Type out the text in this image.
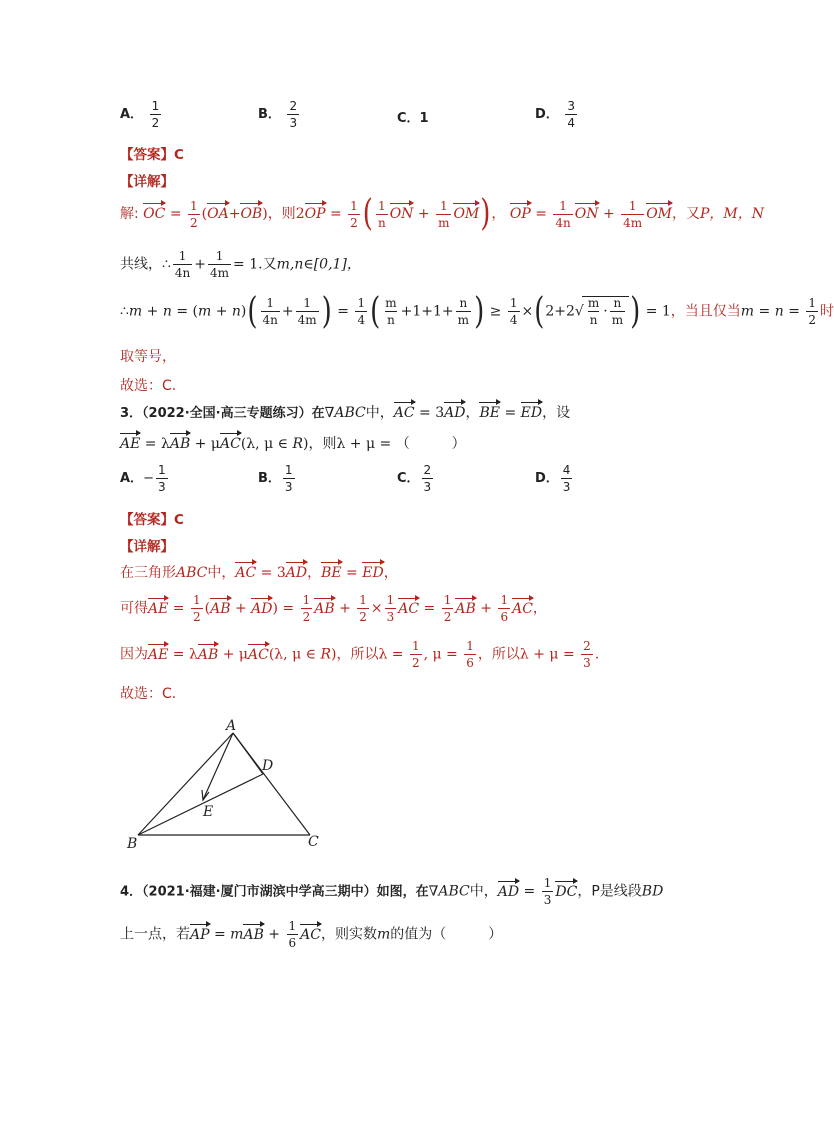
A． $\frac{1}{2}$	B． $\frac{2}{3}$	C．1	D． $\frac{3}{4}$
【答案】C
【详解】
解: OC = $\frac{1}{2} (OA+OB)$，则$2OP = \frac{1}{2}$ ( $\frac{1}{n}$ ON + $\frac{1}{m} OM$)， OP = $\frac{1}{4n}$ ON + $\frac{1}{4m}$ OM，又P，M，N
共线，∴ $\frac{1}{4n} + \frac{1}{4m} = 1$.又m,n∈[0,1]，
∴m + $n = (m + n)( \frac{1}{4n} + \frac{1}{4m}$ ) = $\frac{1}{4}$ ( $\frac{m}{n} +1+1+ \frac{n}{m}$ ) ≥ $\frac{1}{4} \times(2+2√ \frac{m}{n} \cdot \frac{n}{m}$ ) = 1，当且仅当$m = n = \frac{1}{2}$ 时
取等号，
故选：C.
3．（2022·全国·高三专题练习）在∇ABC中，AC = 3AD，BE = ED，设
AE = λAB + μAC(λ, μ ∈ R)，则λ + μ = （　　　）
A．− $\frac{1}{3}$	B． $\frac{1}{3}$	C． $\frac{2}{3}$	D． $\frac{4}{3}$
【答案】C
【详解】
在三角形ABC中，AC = 3AD，BE = ED，
可得AE = $\frac{1}{2} (AB + AD) = \frac{1}{2}$ AB + $\frac{1}{2} \times \frac{1}{3}$ AC = $\frac{1}{2}$ AB + $\frac{1}{6}$ AC，
因为AE = λAB + μAC(λ, μ ∈ R)，所以$\lambda = \frac{1}{2}$ , $\mu = \frac{1}{6}$ ，所以$\lambda + \mu = \frac{2}{3}$ .
故选：C.
A
B	C
D
E
4．（2021·福建·厦门市湖滨中学高三期中）如图，在∇ABC中，AD = $\frac{1}{3}$ DC，P是线段BD
上一点，若AP = mAB + $\frac{1}{6}$ AC，则实数m的值为（　　　）
